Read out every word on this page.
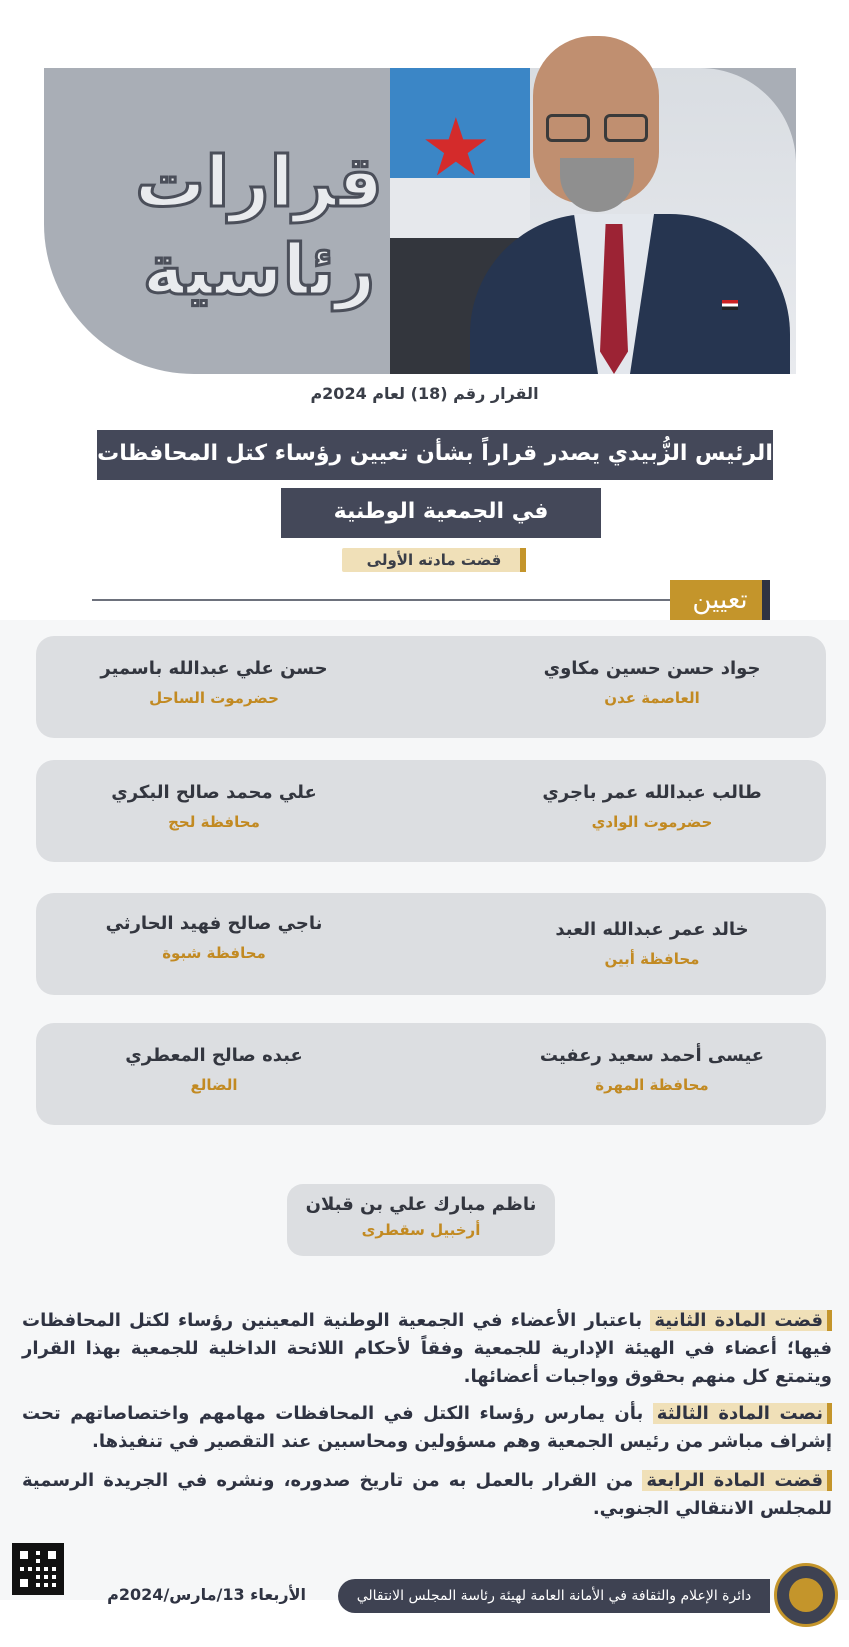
★
قرارات
رئاسية
القرار رقم (18) لعام 2024م
الرئيس الزُّبيدي يصدر قراراً بشأن تعيين رؤساء كتل المحافظات
في الجمعية الوطنية
قضت مادته الأولى
تعيين
جواد حسن حسين مكاوي
العاصمة عدن
حسن علي عبدالله باسمير
حضرموت الساحل
طالب عبدالله عمر باجري
حضرموت الوادي
علي محمد صالح البكري
محافظة لحج
خالد عمر عبدالله العبد
محافظة أبين
ناجي صالح فهيد الحارثي
محافظة شبوة
عيسى أحمد سعيد رعفيت
محافظة المهرة
عبده صالح المعطري
الضالع
ناظم مبارك علي بن قبلان
أرخبيل سقطرى
قضت المادة الثانية باعتبار الأعضاء في الجمعية الوطنية المعينين رؤساء لكتل المحافظات فيها؛ أعضاء في الهيئة الإدارية للجمعية وفقاً لأحكام اللائحة الداخلية للجمعية بهذا القرار ويتمتع كل منهم بحقوق وواجبات أعضائها.
نصت المادة الثالثة بأن يمارس رؤساء الكتل في المحافظات مهامهم واختصاصاتهم تحت إشراف مباشر من رئيس الجمعية وهم مسؤولين ومحاسبين عند التقصير في تنفيذها.
قضت المادة الرابعة من القرار بالعمل به من تاريخ صدوره، ونشره في الجريدة الرسمية للمجلس الانتقالي الجنوبي.
الأربعاء 13/مارس/2024م	دائرة الإعلام والثقافة في الأمانة العامة لهيئة رئاسة المجلس الانتقالي الجنوبي
